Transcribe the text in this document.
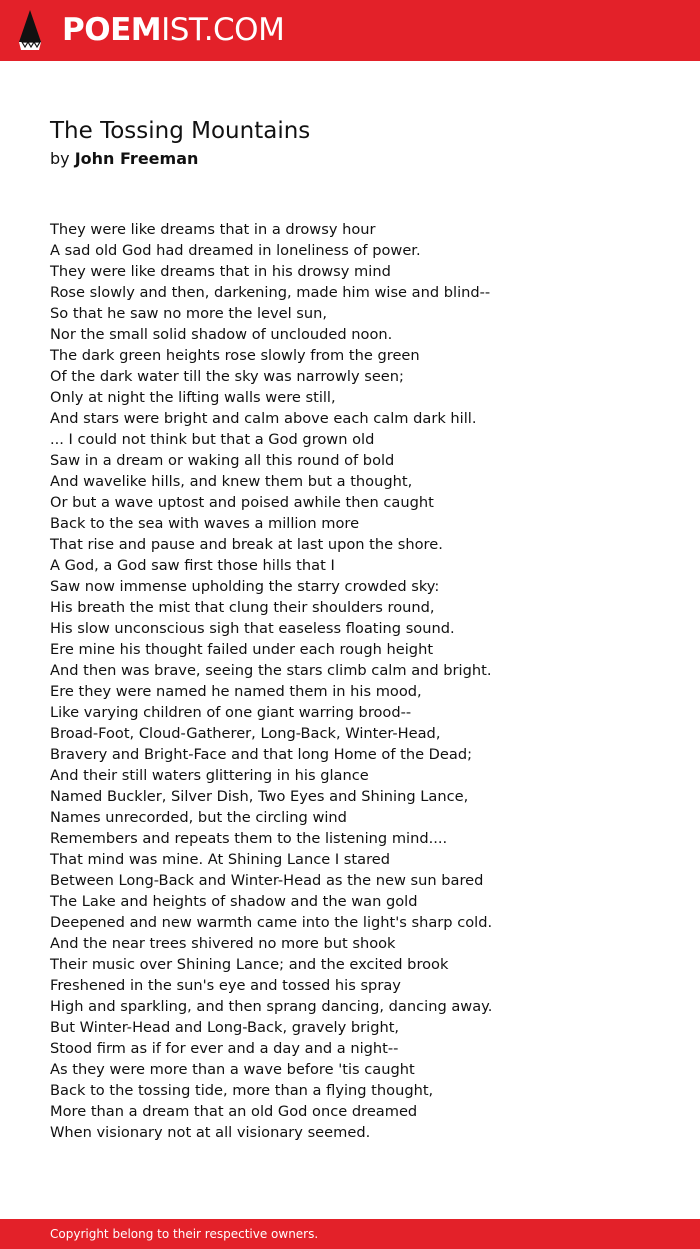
POEMIST.COM
The Tossing Mountains
by John Freeman
They were like dreams that in a drowsy hour
A sad old God had dreamed in loneliness of power.
They were like dreams that in his drowsy mind
Rose slowly and then, darkening, made him wise and blind--
So that he saw no more the level sun,
Nor the small solid shadow of unclouded noon.
The dark green heights rose slowly from the green
Of the dark water till the sky was narrowly seen;
Only at night the lifting walls were still,
And stars were bright and calm above each calm dark hill.
... I could not think but that a God grown old
Saw in a dream or waking all this round of bold
And wavelike hills, and knew them but a thought,
Or but a wave uptost and poised awhile then caught
Back to the sea with waves a million more
That rise and pause and break at last upon the shore.
A God, a God saw first those hills that I
Saw now immense upholding the starry crowded sky:
His breath the mist that clung their shoulders round,
His slow unconscious sigh that easeless floating sound.
Ere mine his thought failed under each rough height
And then was brave, seeing the stars climb calm and bright.
Ere they were named he named them in his mood,
Like varying children of one giant warring brood--
Broad-Foot, Cloud-Gatherer, Long-Back, Winter-Head,
Bravery and Bright-Face and that long Home of the Dead;
And their still waters glittering in his glance
Named Buckler, Silver Dish, Two Eyes and Shining Lance,
Names unrecorded, but the circling wind
Remembers and repeats them to the listening mind....
That mind was mine. At Shining Lance I stared
Between Long-Back and Winter-Head as the new sun bared
The Lake and heights of shadow and the wan gold
Deepened and new warmth came into the light's sharp cold.
And the near trees shivered no more but shook
Their music over Shining Lance; and the excited brook
Freshened in the sun's eye and tossed his spray
High and sparkling, and then sprang dancing, dancing away.
But Winter-Head and Long-Back, gravely bright,
Stood firm as if for ever and a day and a night--
As they were more than a wave before 'tis caught
Back to the tossing tide, more than a flying thought,
More than a dream that an old God once dreamed
When visionary not at all visionary seemed.
Copyright belong to their respective owners.
